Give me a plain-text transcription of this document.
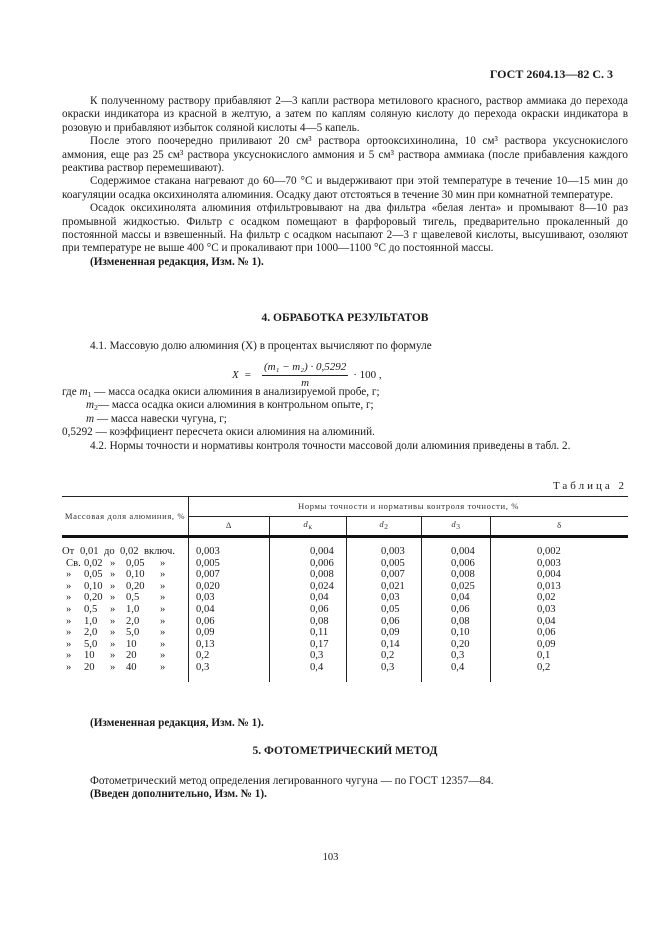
ГОСТ 2604.13—82 С. 3

К полученному раствору прибавляют 2—3 капли раствора метилового красного, раствор аммиака до перехода окраски индикатора из красной в желтую, а затем по каплям соляную кислоту до перехода окраски индикатора в розовую и прибавляют избыток соляной кислоты 4—5 капель.

После этого поочередно приливают 20 см³ раствора ортооксихинолина, 10 см³ раствора уксуснокислого аммония, еще раз 25 см³ раствора уксуснокислого аммония и 5 см³ раствора аммиака (после прибавления каждого реактива раствор перемешивают).

Содержимое стакана нагревают до 60—70 °С и выдерживают при этой температуре в течение 10—15 мин до коагуляции осадка оксихинолята алюминия. Осадку дают отстояться в течение 30 мин при комнатной температуре.

Осадок оксихинолята алюминия отфильтровывают на два фильтра «белая лента» и промывают 8—10 раз промывной жидкостью. Фильтр с осадком помещают в фарфоровый тигель, предварительно прокаленный до постоянной массы и взвешенный. На фильтр с осадком насыпают 2—3 г щавелевой кислоты, высушивают, озоляют при температуре не выше 400 °С и прокаливают при 1000—1100 °С до постоянной массы.

(Измененная редакция, Изм. № 1).

4. ОБРАБОТКА РЕЗУЛЬТАТОВ

4.1. Массовую долю алюминия (X) в процентах вычисляют по формуле

$X = \frac{\text{(m₁ − m₂) · 0,5292}}{m} \cdot 100$ ,
где $m_1$ — масса осадка окиси алюминия в анализируемой пробе, г;
$m_2—$ масса осадка окиси алюминия в контрольном опыте, г;
m — масса навески чугуна, г;
0,5292 — коэффициент пересчета окиси алюминия на алюминий.

4.2. Нормы точности и нормативы контроля точности массовой доли алюминия приведены в табл. 2.

Таблица 2
Массовая доля алюминия, %	Нормы точности и нормативы контроля точности, %				
	Δ	$d_к$	$d_2$	$d_3$	δ

От 0,01 до 0,02 включ.	0,003	0,004	0,003	0,004	0,002
Св. 0,02 » 0,05 »	0,005	0,006	0,005	0,006	0,003
» 0,05 » 0,10 »	0,007	0,008	0,007	0,008	0,004
» 0,10 » 0,20 »	0,020	0,024	0,021	0,025	0,013
» 0,20 » 0,5 »	0,03	0,04	0,03	0,04	0,02
» 0,5 » 1,0 »	0,04	0,06	0,05	0,06	0,03
» 1,0 » 2,0 »	0,06	0,08	0,06	0,08	0,04
» 2,0 » 5,0 »	0,09	0,11	0,09	0,10	0,06
» 5,0 » 10 »	0,13	0,17	0,14	0,20	0,09
» 10 » 20 »	0,2	0,3	0,2	0,3	0,1
» 20 » 40 »	0,3	0,4	0,3	0,4	0,2

(Измененная редакция, Изм. № 1).

5. ФОТОМЕТРИЧЕСКИЙ МЕТОД

Фотометрический метод определения легированного чугуна — по ГОСТ 12357—84.

(Введен дополнительно, Изм. № 1).

103
